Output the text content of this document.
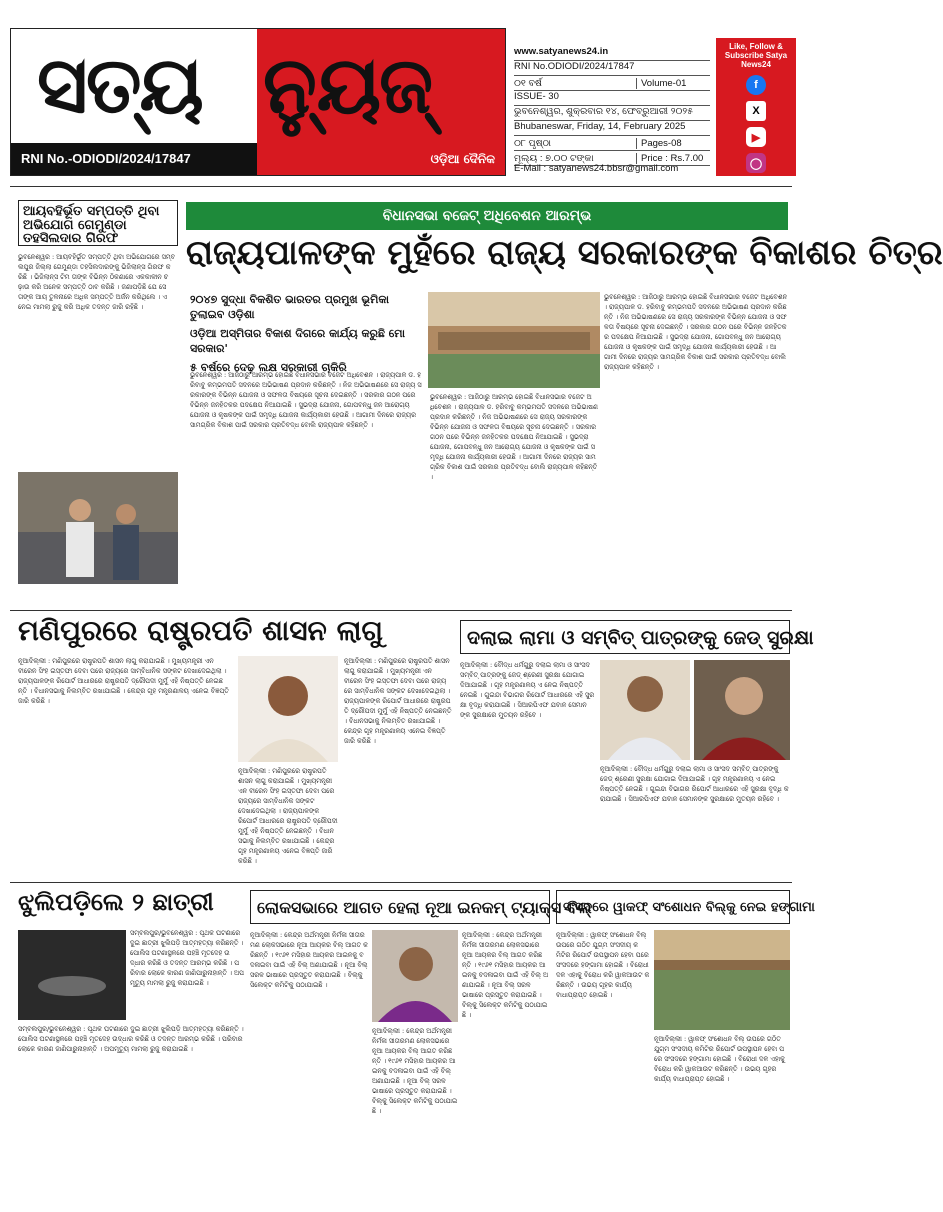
ସତ୍ୟ
RNI No.-ODIODI/2024/17847
ନ୍ୟୁଜ୍
ଓଡ଼ିଆ ଦୈନିକ
www.satyanews24.in
RNI No.ODIODI/2024/17847
୦୧ ବର୍ଷ	Volume-01
ISSUE- 30
ଭୁବନେଶ୍ୱର, ଶୁକ୍ରବାର ୧୪, ଫେବ୍ରୁଆରୀ ୨୦୨୫
Bhubaneswar, Friday, 14, February 2025
୦୮ ପୃଷ୍ଠା	Pages-08
ମୂଲ୍ୟ : ୭.୦୦ ଟଙ୍କା	Price : Rs.7.00
E-Mail : satyanews24.bbsr@gmail.com
Like, Follow & Subscribe Satya News24
f
X
▶
◯
ଆୟବହିର୍ଭୂତ ସମ୍ପତ୍ତି ଥିବା ଅଭିଯୋଗ ଗେମୁଣ୍ଡା ତହସିଲଦାର ଗିରଫ
ଭୁବନେଶ୍ୱର : ଆୟବହିର୍ଭୂତ ସମ୍ପତ୍ତି ଥିବା ଅଭିଯୋଗରେ ସମ୍ବଲପୁର ଜିଲ୍ଲା ଗେମୁଣ୍ଡା ତହସିଲଦାରଙ୍କୁ ଭିଜିଲାନ୍ସ ଗିରଫ କରିଛି । ଭିଜିଲାନ୍ସ ଟିମ ତାଙ୍କ ବିଭିନ୍ନ ଠିକଣାରେ ଏକକାଳୀନ ଚଢ଼ାଉ କରି ଅନେକ ସମ୍ପତ୍ତି ଠାବ କରିଛି । ଜଣାପଡ଼ିଛି ଯେ ସେ ତାଙ୍କ ଆୟ ତୁଳନାରେ ଅଧିକ ସମ୍ପତ୍ତି ଅର୍ଜନ କରିଥିଲେ । ଏନେଇ ମାମଲା ରୁଜୁ କରି ଅଧିକ ତଦନ୍ତ ଜାରି ରହିଛି ।
ବିଧାନସଭା ବଜେଟ୍ ଅଧିବେଶନ ଆରମ୍ଭ
ରାଜ୍ୟପାଳଙ୍କ ମୁହଁରେ ରାଜ୍ୟ ସରକାରଙ୍କ ବିକାଶର ଚିତ୍ର
୨୦୪୭ ସୁଦ୍ଧା ବିକଶିତ ଭାରତର ପ୍ରମୁଖ ଭୂମିକା ତୁଲାଇବ ଓଡ଼ିଶା
ଓଡ଼ିଆ ଅସ୍ମିତାର ବିକାଶ ଦିଗରେ କାର୍ଯ୍ୟ କରୁଛି ମୋ ସରକାର'
୫ ବର୍ଷରେ ଦେଢ଼ ଲକ୍ଷ ସରକାରୀ ଚାକିରି
ଭୁବନେଶ୍ୱର : ଆଜିଠାରୁ ଆରମ୍ଭ ହୋଇଛି ବିଧାନସଭାର ବଜେଟ ଅଧିବେଶନ । ରାଜ୍ୟପାଳ ଡ. ହରିବାବୁ କମ୍ଭମପତି ସଦନରେ ଅଭିଭାଷଣ ପ୍ରଦାନ କରିଛନ୍ତି । ନିଜ ଅଭିଭାଷଣରେ ସେ ରାଜ୍ୟ ସରକାରଙ୍କ ବିଭିନ୍ନ ଯୋଜନା ଓ ସଫଳତା ବିଷୟରେ ସୂଚନା ଦେଇଛନ୍ତି । ସରକାର ଗଠନ ପରେ ବିଭିନ୍ନ ଜନହିତକର ପଦକ୍ଷେପ ନିଆଯାଇଛି । ସୁଭଦ୍ରା ଯୋଜନା, ଗୋପବନ୍ଧୁ ଜନ ଆରୋଗ୍ୟ ଯୋଜନା ଓ କୃଷକଙ୍କ ପାଇଁ ସମୃଦ୍ଧି ଯୋଜନା କାର୍ଯ୍ୟକାରୀ ହେଉଛି । ଆଗାମୀ ଦିନରେ ରାଜ୍ୟର ସାମଗ୍ରିକ ବିକାଶ ପାଇଁ ସରକାର ପ୍ରତିବଦ୍ଧ ବୋଲି ରାଜ୍ୟପାଳ କହିଛନ୍ତି ।
ଭୁବନେଶ୍ୱର : ଆଜିଠାରୁ ଆରମ୍ଭ ହୋଇଛି ବିଧାନସଭାର ବଜେଟ ଅଧିବେଶନ । ରାଜ୍ୟପାଳ ଡ. ହରିବାବୁ କମ୍ଭମପତି ସଦନରେ ଅଭିଭାଷଣ ପ୍ରଦାନ କରିଛନ୍ତି । ନିଜ ଅଭିଭାଷଣରେ ସେ ରାଜ୍ୟ ସରକାରଙ୍କ ବିଭିନ୍ନ ଯୋଜନା ଓ ସଫଳତା ବିଷୟରେ ସୂଚନା ଦେଇଛନ୍ତି । ସରକାର ଗଠନ ପରେ ବିଭିନ୍ନ ଜନହିତକର ପଦକ୍ଷେପ ନିଆଯାଇଛି । ସୁଭଦ୍ରା ଯୋଜନା, ଗୋପବନ୍ଧୁ ଜନ ଆରୋଗ୍ୟ ଯୋଜନା ଓ କୃଷକଙ୍କ ପାଇଁ ସମୃଦ୍ଧି ଯୋଜନା କାର୍ଯ୍ୟକାରୀ ହେଉଛି । ଆଗାମୀ ଦିନରେ ରାଜ୍ୟର ସାମଗ୍ରିକ ବିକାଶ ପାଇଁ ସରକାର ପ୍ରତିବଦ୍ଧ ବୋଲି ରାଜ୍ୟପାଳ କହିଛନ୍ତି ।
ଭୁବନେଶ୍ୱର : ଆଜିଠାରୁ ଆରମ୍ଭ ହୋଇଛି ବିଧାନସଭାର ବଜେଟ ଅଧିବେଶନ । ରାଜ୍ୟପାଳ ଡ. ହରିବାବୁ କମ୍ଭମପତି ସଦନରେ ଅଭିଭାଷଣ ପ୍ରଦାନ କରିଛନ୍ତି । ନିଜ ଅଭିଭାଷଣରେ ସେ ରାଜ୍ୟ ସରକାରଙ୍କ ବିଭିନ୍ନ ଯୋଜନା ଓ ସଫଳତା ବିଷୟରେ ସୂଚନା ଦେଇଛନ୍ତି । ସରକାର ଗଠନ ପରେ ବିଭିନ୍ନ ଜନହିତକର ପଦକ୍ଷେପ ନିଆଯାଇଛି । ସୁଭଦ୍ରା ଯୋଜନା, ଗୋପବନ୍ଧୁ ଜନ ଆରୋଗ୍ୟ ଯୋଜନା ଓ କୃଷକଙ୍କ ପାଇଁ ସମୃଦ୍ଧି ଯୋଜନା କାର୍ଯ୍ୟକାରୀ ହେଉଛି । ଆଗାମୀ ଦିନରେ ରାଜ୍ୟର ସାମଗ୍ରିକ ବିକାଶ ପାଇଁ ସରକାର ପ୍ରତିବଦ୍ଧ ବୋଲି ରାଜ୍ୟପାଳ କହିଛନ୍ତି ।
ମଣିପୁରରେ ରାଷ୍ଟ୍ରପତି ଶାସନ ଲାଗୁ
ନୂଆଦିଲ୍ଲୀ : ମଣିପୁରରେ ରାଷ୍ଟ୍ରପତି ଶାସନ ଲାଗୁ କରାଯାଇଛି । ମୁଖ୍ୟମନ୍ତ୍ରୀ ଏନ ବୀରେନ ସିଂହ ଇସ୍ତଫା ଦେବା ପରେ ରାଜ୍ୟରେ ସାମ୍ବିଧାନିକ ସଙ୍କଟ ଦେଖାଦେଇଥିଲା । ରାଜ୍ୟପାଳଙ୍କ ରିପୋର୍ଟ ଆଧାରରେ ରାଷ୍ଟ୍ରପତି ଦ୍ରୌପଦୀ ମୁର୍ମୁ ଏହି ନିଷ୍ପତ୍ତି ନେଇଛନ୍ତି । ବିଧାନସଭାକୁ ନିଲମ୍ବିତ ରଖାଯାଇଛି । କେନ୍ଦ୍ର ଗୃହ ମନ୍ତ୍ରଣାଳୟ ଏନେଇ ବିଜ୍ଞପ୍ତି ଜାରି କରିଛି ।
ନୂଆଦିଲ୍ଲୀ : ମଣିପୁରରେ ରାଷ୍ଟ୍ରପତି ଶାସନ ଲାଗୁ କରାଯାଇଛି । ମୁଖ୍ୟମନ୍ତ୍ରୀ ଏନ ବୀରେନ ସିଂହ ଇସ୍ତଫା ଦେବା ପରେ ରାଜ୍ୟରେ ସାମ୍ବିଧାନିକ ସଙ୍କଟ ଦେଖାଦେଇଥିଲା । ରାଜ୍ୟପାଳଙ୍କ ରିପୋର୍ଟ ଆଧାରରେ ରାଷ୍ଟ୍ରପତି ଦ୍ରୌପଦୀ ମୁର୍ମୁ ଏହି ନିଷ୍ପତ୍ତି ନେଇଛନ୍ତି । ବିଧାନସଭାକୁ ନିଲମ୍ବିତ ରଖାଯାଇଛି । କେନ୍ଦ୍ର ଗୃହ ମନ୍ତ୍ରଣାଳୟ ଏନେଇ ବିଜ୍ଞପ୍ତି ଜାରି କରିଛି ।
ନୂଆଦିଲ୍ଲୀ : ମଣିପୁରରେ ରାଷ୍ଟ୍ରପତି ଶାସନ ଲାଗୁ କରାଯାଇଛି । ମୁଖ୍ୟମନ୍ତ୍ରୀ ଏନ ବୀରେନ ସିଂହ ଇସ୍ତଫା ଦେବା ପରେ ରାଜ୍ୟରେ ସାମ୍ବିଧାନିକ ସଙ୍କଟ ଦେଖାଦେଇଥିଲା । ରାଜ୍ୟପାଳଙ୍କ ରିପୋର୍ଟ ଆଧାରରେ ରାଷ୍ଟ୍ରପତି ଦ୍ରୌପଦୀ ମୁର୍ମୁ ଏହି ନିଷ୍ପତ୍ତି ନେଇଛନ୍ତି । ବିଧାନସଭାକୁ ନିଲମ୍ବିତ ରଖାଯାଇଛି । କେନ୍ଦ୍ର ଗୃହ ମନ୍ତ୍ରଣାଳୟ ଏନେଇ ବିଜ୍ଞପ୍ତି ଜାରି କରିଛି ।
ଦଲାଇ ଲାମା ଓ ସମ୍ବିତ୍ ପାତ୍ରଙ୍କୁ ଜେଡ୍ ସୁରକ୍ଷା
ନୂଆଦିଲ୍ଲୀ : ବୌଦ୍ଧ ଧର୍ମଗୁରୁ ଦଲାଇ ଲାମା ଓ ସାଂସଦ ସମ୍ବିତ୍ ପାତ୍ରଙ୍କୁ ଜେଡ୍ ଶ୍ରେଣୀ ସୁରକ୍ଷା ଯୋଗାଇ ଦିଆଯାଇଛି । ଗୃହ ମନ୍ତ୍ରଣାଳୟ ଏ ନେଇ ନିଷ୍ପତ୍ତି ନେଇଛି । ଗୁଇନ୍ଦା ବିଭାଗର ରିପୋର୍ଟ ଆଧାରରେ ଏହି ସୁରକ୍ଷା ବୃଦ୍ଧି କରାଯାଇଛି । ସିଆରପିଏଫ ଯବାନ ସେମାନଙ୍କ ସୁରକ୍ଷାରେ ମୁତୟନ ରହିବେ ।
ନୂଆଦିଲ୍ଲୀ : ବୌଦ୍ଧ ଧର୍ମଗୁରୁ ଦଲାଇ ଲାମା ଓ ସାଂସଦ ସମ୍ବିତ୍ ପାତ୍ରଙ୍କୁ ଜେଡ୍ ଶ୍ରେଣୀ ସୁରକ୍ଷା ଯୋଗାଇ ଦିଆଯାଇଛି । ଗୃହ ମନ୍ତ୍ରଣାଳୟ ଏ ନେଇ ନିଷ୍ପତ୍ତି ନେଇଛି । ଗୁଇନ୍ଦା ବିଭାଗର ରିପୋର୍ଟ ଆଧାରରେ ଏହି ସୁରକ୍ଷା ବୃଦ୍ଧି କରାଯାଇଛି । ସିଆରପିଏଫ ଯବାନ ସେମାନଙ୍କ ସୁରକ୍ଷାରେ ମୁତୟନ ରହିବେ ।
ଝୁଲିପଡ଼ିଲେ ୨ ଛାତ୍ରୀ
ସମ୍ବଲପୁର/ଭୁବନେଶ୍ୱର : ପୃଥକ ଘଟଣାରେ ଦୁଇ ଛାତ୍ରୀ ଝୁଲିପଡ଼ି ଆତ୍ମହତ୍ୟା କରିଛନ୍ତି । ପୋଲିସ ଘଟଣାସ୍ଥଳରେ ପହଞ୍ଚି ମୃତଦେହ ଉଦ୍ଧାର କରିଛି ଓ ତଦନ୍ତ ଆରମ୍ଭ କରିଛି । ପରିବାର ଲୋକେ କାରଣ ଜାଣିପାରୁନାହାନ୍ତି । ଅପମୃତ୍ୟୁ ମାମଲା ରୁଜୁ କରାଯାଇଛି ।
ସମ୍ବଲପୁର/ଭୁବନେଶ୍ୱର : ପୃଥକ ଘଟଣାରେ ଦୁଇ ଛାତ୍ରୀ ଝୁଲିପଡ଼ି ଆତ୍ମହତ୍ୟା କରିଛନ୍ତି । ପୋଲିସ ଘଟଣାସ୍ଥଳରେ ପହଞ୍ଚି ମୃତଦେହ ଉଦ୍ଧାର କରିଛି ଓ ତଦନ୍ତ ଆରମ୍ଭ କରିଛି । ପରିବାର ଲୋକେ କାରଣ ଜାଣିପାରୁନାହାନ୍ତି । ଅପମୃତ୍ୟୁ ମାମଲା ରୁଜୁ କରାଯାଇଛି ।
ଲୋକସଭାରେ ଆଗତ ହେଲା ନୂଆ ଇନକମ୍ ଟ୍ୟାକ୍ସ ବିଲ୍
ନୂଆଦିଲ୍ଲୀ : କେନ୍ଦ୍ର ଅର୍ଥମନ୍ତ୍ରୀ ନିର୍ମଳା ସୀତାରମଣ ଲୋକସଭାରେ ନୂଆ ଆୟକର ବିଲ୍ ଆଗତ କରିଛନ୍ତି । ୧୯୬୧ ମସିହାର ଆୟକର ଆଇନକୁ ବଦଳାଇବା ପାଇଁ ଏହି ବିଲ୍ ଅଣାଯାଇଛି । ନୂଆ ବିଲ୍ ସରଳ ଭାଷାରେ ପ୍ରସ୍ତୁତ କରାଯାଇଛି । ବିଲ୍କୁ ସିଲେକ୍ଟ କମିଟିକୁ ପଠାଯାଇଛି ।
ନୂଆଦିଲ୍ଲୀ : କେନ୍ଦ୍ର ଅର୍ଥମନ୍ତ୍ରୀ ନିର୍ମଳା ସୀତାରମଣ ଲୋକସଭାରେ ନୂଆ ଆୟକର ବିଲ୍ ଆଗତ କରିଛନ୍ତି । ୧୯୬୧ ମସିହାର ଆୟକର ଆଇନକୁ ବଦଳାଇବା ପାଇଁ ଏହି ବିଲ୍ ଅଣାଯାଇଛି । ନୂଆ ବିଲ୍ ସରଳ ଭାଷାରେ ପ୍ରସ୍ତୁତ କରାଯାଇଛି । ବିଲ୍କୁ ସିଲେକ୍ଟ କମିଟିକୁ ପଠାଯାଇଛି ।
ନୂଆଦିଲ୍ଲୀ : କେନ୍ଦ୍ର ଅର୍ଥମନ୍ତ୍ରୀ ନିର୍ମଳା ସୀତାରମଣ ଲୋକସଭାରେ ନୂଆ ଆୟକର ବିଲ୍ ଆଗତ କରିଛନ୍ତି । ୧୯୬୧ ମସିହାର ଆୟକର ଆଇନକୁ ବଦଳାଇବା ପାଇଁ ଏହି ବିଲ୍ ଅଣାଯାଇଛି । ନୂଆ ବିଲ୍ ସରଳ ଭାଷାରେ ପ୍ରସ୍ତୁତ କରାଯାଇଛି । ବିଲ୍କୁ ସିଲେକ୍ଟ କମିଟିକୁ ପଠାଯାଇଛି ।
ସଂସଦରେ ୱାକଫ୍ ସଂଶୋଧନ ବିଲ୍କୁ ନେଇ ହଙ୍ଗାମା
ନୂଆଦିଲ୍ଲୀ : ୱାକଫ୍ ସଂଶୋଧନ ବିଲ୍ ଉପରେ ଗଠିତ ଯୁଗ୍ମ ସଂସଦୀୟ କମିଟିର ରିପୋର୍ଟ ଉପସ୍ଥାପନ ହେବା ପରେ ସଂସଦରେ ହଙ୍ଗାମା ହୋଇଛି । ବିରୋଧୀ ଦଳ ଏହାକୁ ବିରୋଧ କରି ୱାକଆଉଟ କରିଛନ୍ତି । ଉଭୟ ଗୃହର କାର୍ଯ୍ୟ ବାଧାପ୍ରାପ୍ତ ହୋଇଛି ।
ନୂଆଦିଲ୍ଲୀ : ୱାକଫ୍ ସଂଶୋଧନ ବିଲ୍ ଉପରେ ଗଠିତ ଯୁଗ୍ମ ସଂସଦୀୟ କମିଟିର ରିପୋର୍ଟ ଉପସ୍ଥାପନ ହେବା ପରେ ସଂସଦରେ ହଙ୍ଗାମା ହୋଇଛି । ବିରୋଧୀ ଦଳ ଏହାକୁ ବିରୋଧ କରି ୱାକଆଉଟ କରିଛନ୍ତି । ଉଭୟ ଗୃହର କାର୍ଯ୍ୟ ବାଧାପ୍ରାପ୍ତ ହୋଇଛି ।
